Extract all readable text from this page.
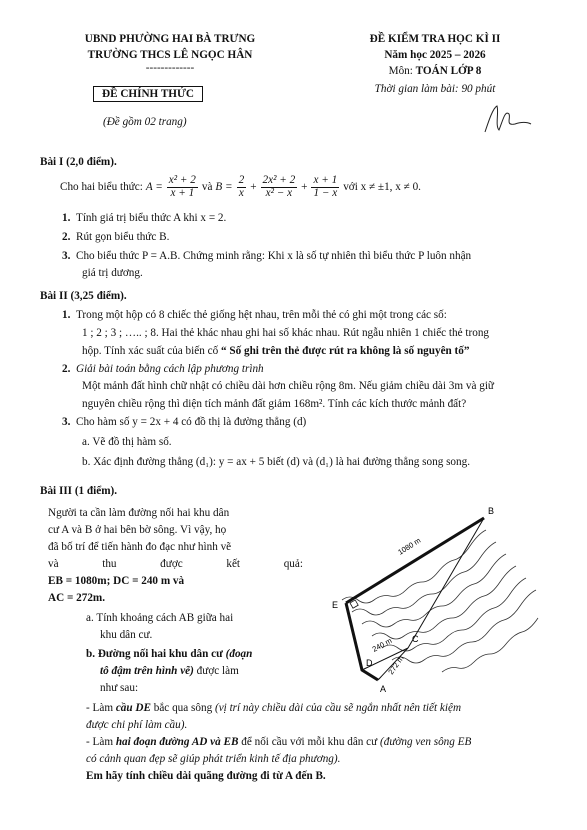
UBND PHƯỜNG HAI BÀ TRƯNG
TRƯỜNG THCS LÊ NGỌC HÂN
-------------
ĐỀ CHÍNH THỨC
(Đề gồm 02 trang)
ĐỀ KIỂM TRA HỌC KÌ II
Năm học 2025 – 2026
Môn: TOÁN LỚP 8
Thời gian làm bài: 90 phút
Bài I (2,0 điểm).
Cho hai biểu thức: $A = \frac{\text{x² + 2}}{x + 1}$ và $B = \frac{2}{x} + \frac{\text{2x² + 2}}{\text{x² − x}} + \frac{x + 1}{1 - x}$ với x ≠ ±1, x ≠ 0.
1. Tính giá trị biểu thức A khi x = 2.
2. Rút gọn biểu thức B.
3. Cho biểu thức P = A.B. Chứng minh rằng: Khi x là số tự nhiên thì biểu thức P luôn nhận
giá trị dương.
Bài II (3,25 điểm).
1. Trong một hộp có 8 chiếc thẻ giống hệt nhau, trên mỗi thẻ có ghi một trong các số:
1 ; 2 ; 3 ; ….. ; 8. Hai thẻ khác nhau ghi hai số khác nhau. Rút ngẫu nhiên 1 chiếc thẻ trong
hộp. Tính xác suất của biến cố “ Số ghi trên thẻ được rút ra không là số nguyên tố”
2. Giải bài toán bằng cách lập phương trình
Một mảnh đất hình chữ nhật có chiều dài hơn chiều rộng 8m. Nếu giảm chiều dài 3m và giữ
nguyên chiều rộng thì diện tích mảnh đất giảm 168m². Tính các kích thước mảnh đất?
3. Cho hàm số y = 2x + 4 có đồ thị là đường thẳng (d)
a. Vẽ đồ thị hàm số.
b. Xác định đường thẳng (d₁): y = ax + 5 biết (d) và (d₁) là hai đường thẳng song song.
Bài III (1 điểm).
Người ta cần làm đường nối hai khu dân
cư A và B ở hai bên bờ sông. Vì vậy, họ
đã bố trí để tiến hành đo đạc như hình vẽ
và	thu	được	kết	quả:
EB = 1080m; DC = 240 m và
AC = 272m.
a. Tính khoảng cách AB giữa hai
khu dân cư.
b. Đường nối hai khu dân cư (đoạn
tô đậm trên hình vẽ) được làm
như sau:
- Làm cầu DE bắc qua sông (vị trí này chiều dài của cầu sẽ ngắn nhất nên tiết kiệm
được chi phí làm cầu).
- Làm hai đoạn đường AD và EB để nối cầu với mỗi khu dân cư (đường ven sông EB
có cảnh quan đẹp sẽ giúp phát triển kinh tế địa phương).
Em hãy tính chiều dài quãng đường đi từ A đến B.
B
E
C
D
A
1080 m
240 m
272 m
